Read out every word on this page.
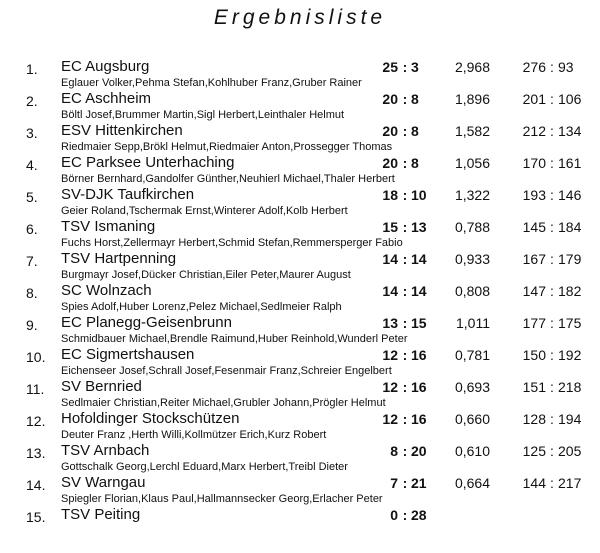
Ergebnisliste
1. EC Augsburg
Eglauer Volker,Pehma Stefan,Kohlhuber Franz,Gruber Rainer
25 : 3	2,968	276 : 93
2. EC Aschheim
Böltl Josef,Brummer Martin,Sigl Herbert,Leinthaler Helmut
20 : 8	1,896	201 : 106
3. ESV Hittenkirchen
Riedmaier Sepp,Brökl Helmut,Riedmaier Anton,Prossegger Thomas
20 : 8	1,582	212 : 134
4. EC Parksee Unterhaching
Börner Bernhard,Gandolfer Günther,Neuhierl Michael,Thaler Herbert
20 : 8	1,056	170 : 161
5. SV-DJK Taufkirchen
Geier Roland,Tschermak Ernst,Winterer Adolf,Kolb Herbert
18 : 10	1,322	193 : 146
6. TSV Ismaning
Fuchs Horst,Zellermayr Herbert,Schmid Stefan,Remmersperger Fabio
15 : 13	0,788	145 : 184
7. TSV Hartpenning
Burgmayr Josef,Dücker Christian,Eiler Peter,Maurer August
14 : 14	0,933	167 : 179
8. SC Wolnzach
Spies Adolf,Huber Lorenz,Pelez Michael,Sedlmeier Ralph
14 : 14	0,808	147 : 182
9. EC Planegg-Geisenbrunn
Schmidbauer Michael,Brendle Raimund,Huber Reinhold,Wunderl Peter
13 : 15	1,011	177 : 175
10. EC Sigmertshausen
Eichenseer Josef,Schrall Josef,Fesenmair Franz,Schreier Engelbert
12 : 16	0,781	150 : 192
11. SV Bernried
Sedlmaier Christian,Reiter Michael,Grubler Johann,Prögler Helmut
12 : 16	0,693	151 : 218
12. Hofoldinger Stockschützen
Deuter Franz ,Herth Willi,Kollmützer Erich,Kurz Robert
12 : 16	0,660	128 : 194
13. TSV Arnbach
Gottschalk Georg,Lerchl Eduard,Marx Herbert,Treibl Dieter
8 : 20	0,610	125 : 205
14. SV Warngau
Spiegler Florian,Klaus Paul,Hallmannsecker Georg,Erlacher Peter
7 : 21	0,664	144 : 217
15. TSV Peiting	0 : 28
